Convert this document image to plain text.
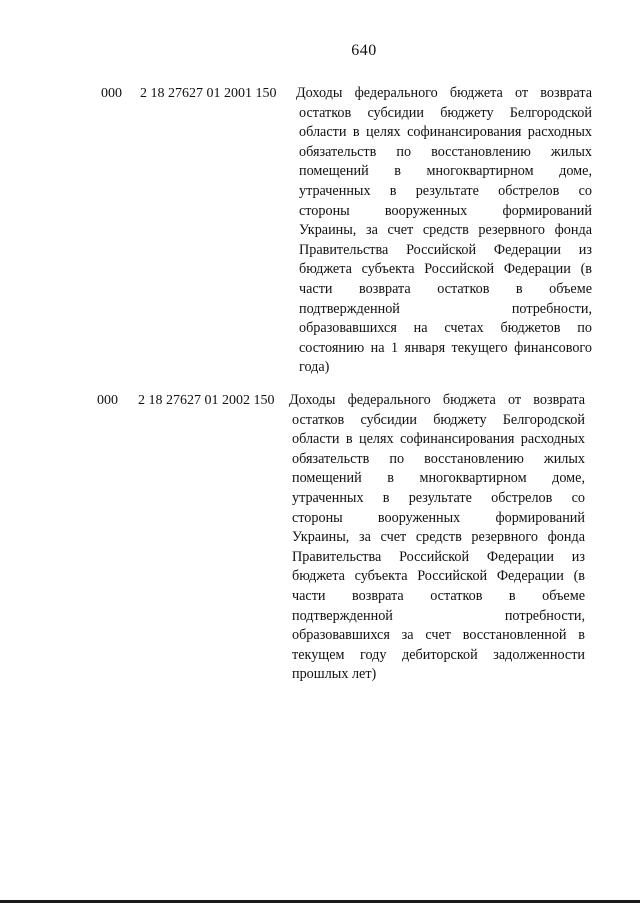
640
000 2 18 27627 01 2001 150 Доходы федерального бюджета от возврата
остатков субсидии бюджету Белгородской
области в целях софинансирования расходных
обязательств по восстановлению жилых
помещений в многоквартирном доме,
утраченных в результате обстрелов со
стороны вооруженных формирований
Украины, за счет средств резервного фонда
Правительства Российской Федерации из
бюджета субъекта Российской Федерации (в
части возврата остатков в объеме
подтвержденной потребности,
образовавшихся на счетах бюджетов по
состоянию на 1 января текущего финансового
года)
000 2 18 27627 01 2002 150 Доходы федерального бюджета от возврата
остатков субсидии бюджету Белгородской
области в целях софинансирования расходных
обязательств по восстановлению жилых
помещений в многоквартирном доме,
утраченных в результате обстрелов со
стороны вооруженных формирований
Украины, за счет средств резервного фонда
Правительства Российской Федерации из
бюджета субъекта Российской Федерации (в
части возврата остатков в объеме
подтвержденной потребности,
образовавшихся за счет восстановленной в
текущем году дебиторской задолженности
прошлых лет)
